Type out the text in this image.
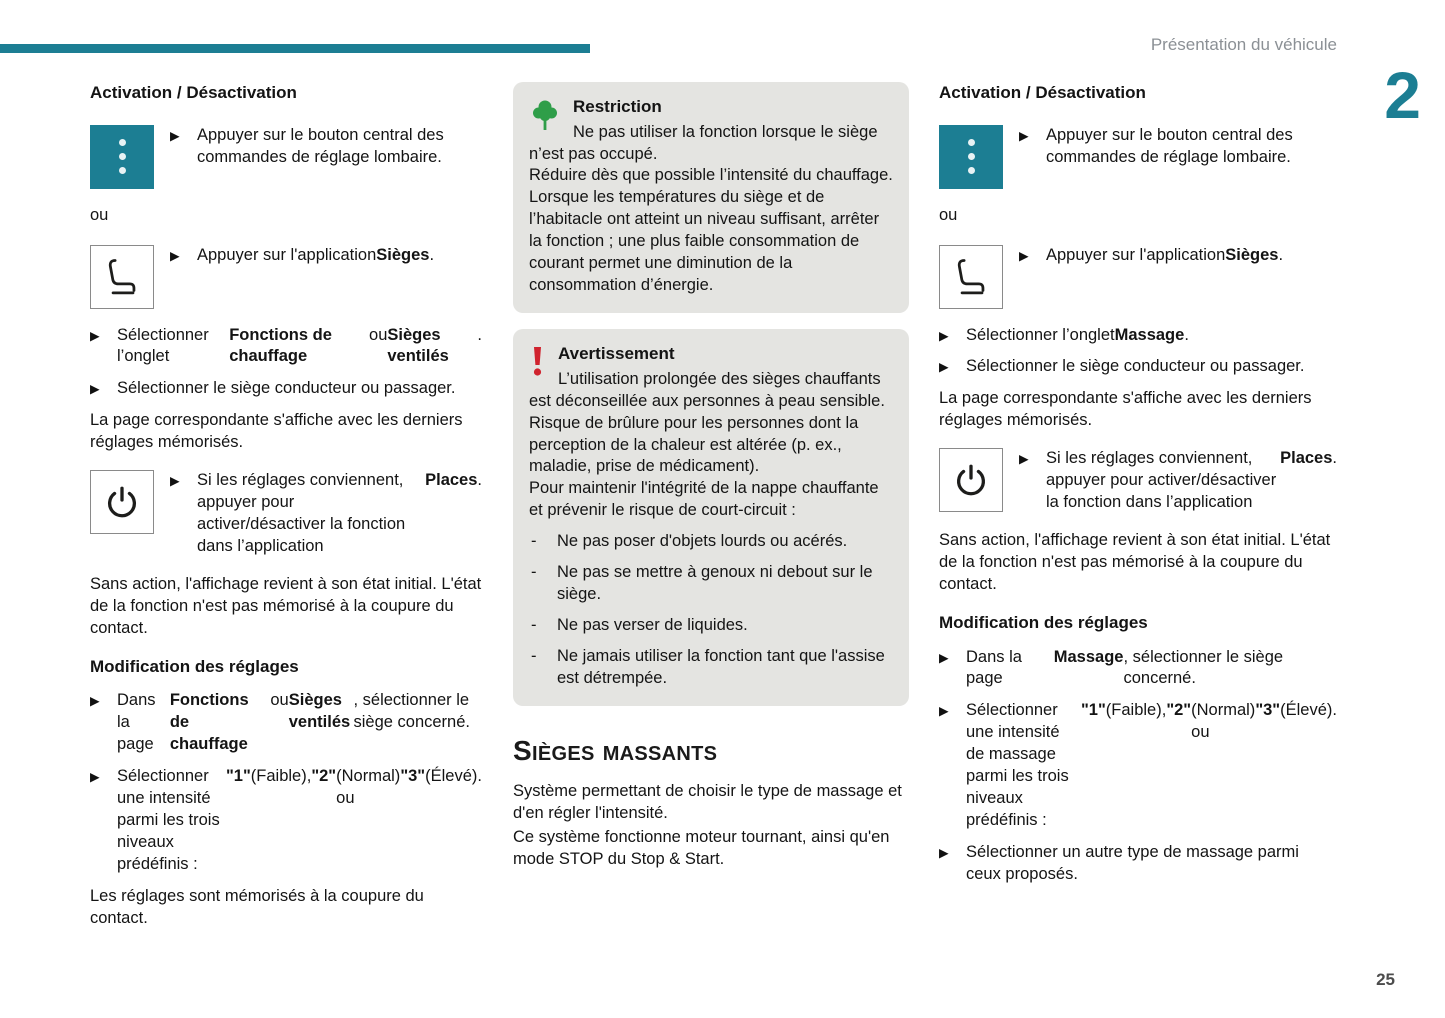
Présentation du véhicule
2
Activation / Désactivation

▶ Appuyer sur le bouton central des commandes de réglage lombaire.

ou

▶ Appuyer sur l'application Sièges .

▶ Sélectionner l’onglet
Fonctions de chauffage
ou Sièges ventilés
.

▶ Sélectionner le siège conducteur ou passager.

La page correspondante s'affiche avec les derniers réglages mémorisés.

▶ Si les réglages conviennent, appuyer pour activer/désactiver la fonction dans l’application
Places .

Sans action, l'affichage revient à son état initial. L'état de la fonction n'est pas mémorisé à la coupure du contact.

Modification des réglages

▶ Dans la page
Fonctions de chauffage
ou Sièges ventilés
, sélectionner le siège concerné.

▶ Sélectionner une intensité parmi les trois niveaux prédéfinis :
"1" (Faible), "2" (Normal) ou
"3" (Élevé).

Les réglages sont mémorisés à la coupure du contact.

Restriction

Ne pas utiliser la fonction lorsque le siège n’est pas occupé.

Réduire dès que possible l’intensité du chauffage.

Lorsque les températures du siège et de l’habitacle ont atteint un niveau suffisant, arrêter la fonction ; une plus faible consommation de courant permet une diminution de la consommation d’énergie.

Avertissement

L’utilisation prolongée des sièges chauffants est déconseillée aux personnes à peau sensible.

Risque de brûlure pour les personnes dont la perception de la chaleur est altérée (p. ex., maladie, prise de médicament).

Pour maintenir l'intégrité de la nappe chauffante et prévenir le risque de court-circuit :

- Ne pas poser d'objets lourds ou acérés.

- Ne pas se mettre à genoux ni debout sur le siège.

- Ne pas verser de liquides.

- Ne jamais utiliser la fonction tant que l'assise est détrempée.

Sièges massants

Système permettant de choisir le type de massage et d'en régler l'intensité.

Ce système fonctionne moteur tournant, ainsi qu'en mode STOP du Stop & Start.

Activation / Désactivation

▶ Appuyer sur le bouton central des commandes de réglage lombaire.

ou

▶ Appuyer sur l'application Sièges .

▶ Sélectionner l’onglet Massage .

▶ Sélectionner le siège conducteur ou passager.

La page correspondante s'affiche avec les derniers réglages mémorisés.

▶ Si les réglages conviennent, appuyer pour activer/désactiver la fonction dans l’application
Places .

Sans action, l'affichage revient à son état initial. L'état de la fonction n'est pas mémorisé à la coupure du contact.

Modification des réglages

▶ Dans la page
Massage , sélectionner le siège concerné.

▶ Sélectionner une intensité de massage parmi les trois niveaux prédéfinis :
"1" (Faible), "2" (Normal) ou
"3" (Élevé).

▶ Sélectionner un autre type de massage parmi ceux proposés.

25
